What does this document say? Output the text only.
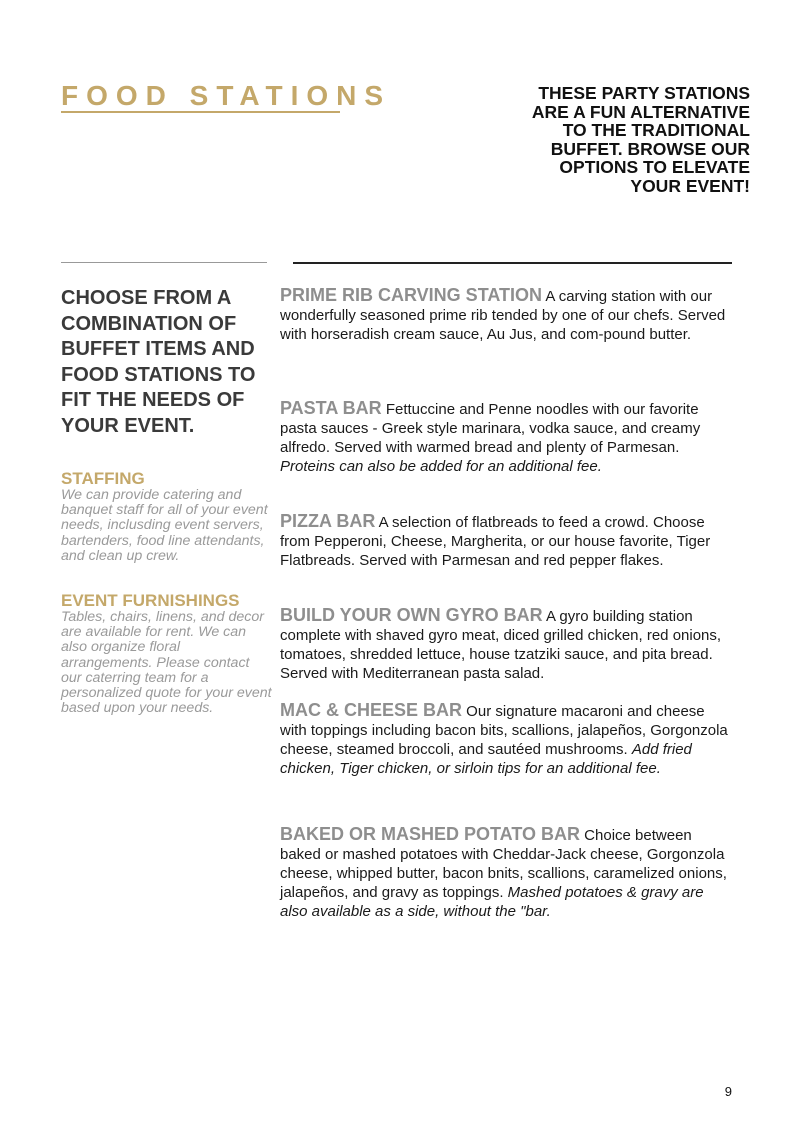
FOOD STATIONS	THESE PARTY STATIONS ARE A FUN ALTERNATIVE TO THE TRADITIONAL BUFFET. BROWSE OUR OPTIONS TO ELEVATE YOUR EVENT!

CHOOSE FROM A COMBINATION OF BUFFET ITEMS AND FOOD STATIONS TO FIT THE NEEDS OF YOUR EVENT.

STAFFING

We can provide catering and banquet staff for all of your event needs, inclusding event servers, bartenders, food line attendants, and clean up crew.

EVENT FURNISHINGS

Tables, chairs, linens, and decor are available for rent. We can also organize floral arrangements. Please contact our caterring team for a personalized quote for your event based upon your needs.

PRIME RIB CARVING STATION A carving station with our wonderfully seasoned prime rib tended by one of our chefs. Served with horseradish cream sauce, Au Jus, and com-pound butter.
PASTA BAR Fettuccine and Penne noodles with our favorite pasta sauces - Greek style marinara, vodka sauce, and creamy alfredo. Served with warmed bread and plenty of Parmesan. Proteins can also be added for an additional fee.
PIZZA BAR A selection of flatbreads to feed a crowd. Choose from Pepperoni, Cheese, Margherita, or our house favorite, Tiger Flatbreads. Served with Parmesan and red pepper flakes.
BUILD YOUR OWN GYRO BAR A gyro building station complete with shaved gyro meat, diced grilled chicken, red onions, tomatoes, shredded lettuce, house tzatziki sauce, and pita bread. Served with Mediterranean pasta salad.
MAC & CHEESE BAR Our signature macaroni and cheese with toppings including bacon bits, scallions, jalapeños, Gorgonzola cheese, steamed broccoli, and sautéed mushrooms. Add fried chicken, Tiger chicken, or sirloin tips for an additional fee.
BAKED OR MASHED POTATO BAR Choice between baked or mashed potatoes with Cheddar-Jack cheese, Gorgonzola cheese, whipped butter, bacon bnits, scallions, caramelized onions, jalapeños, and gravy as toppings. Mashed potatoes & gravy are also available as a side, without the "bar.
9
